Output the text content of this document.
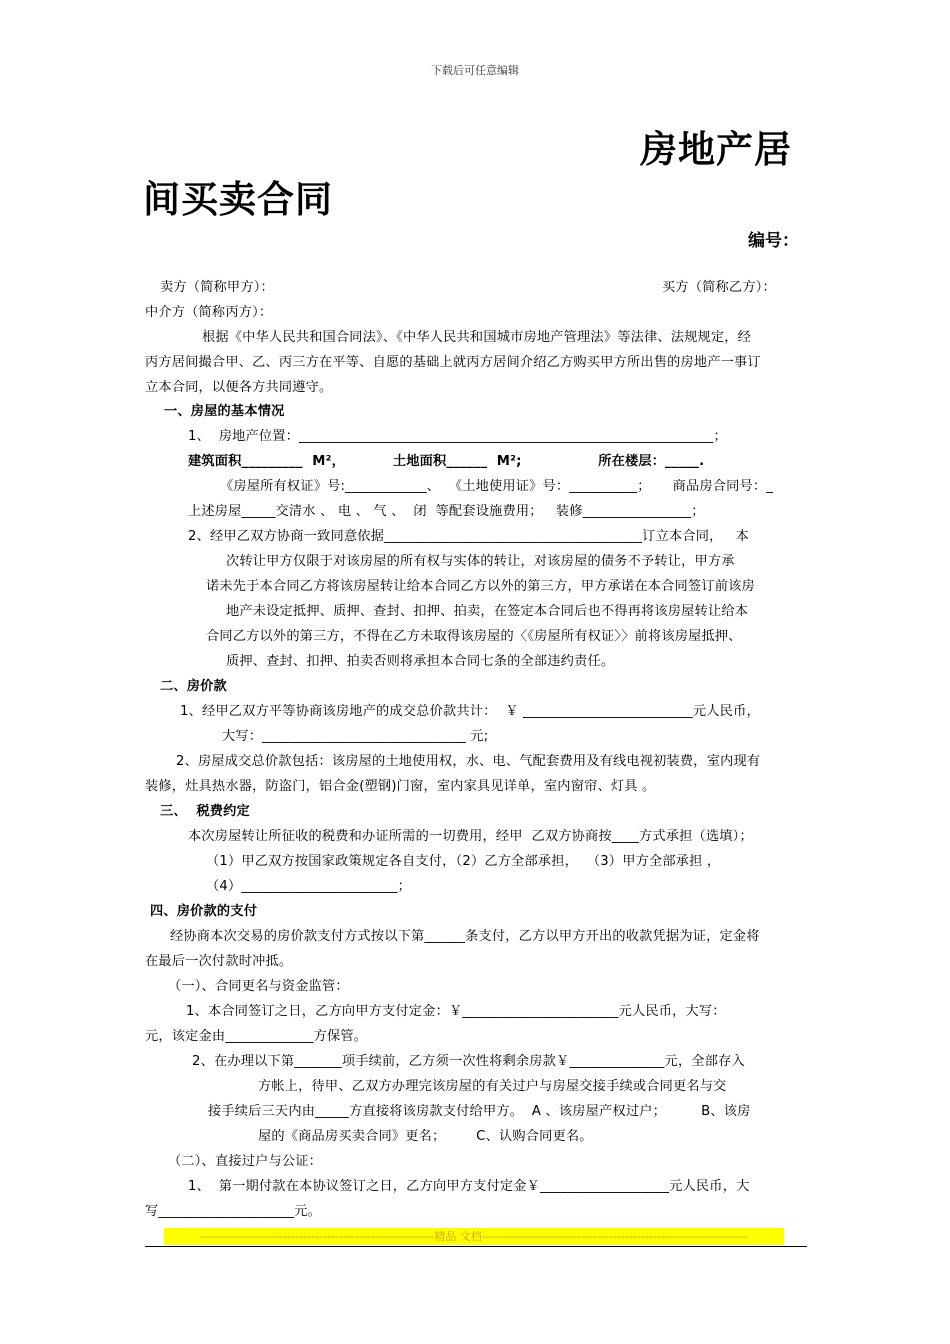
下载后可任意编辑
房地产居
间买卖合同
编号：
卖方（简称甲方）：	买方（简称乙方）：
中介方（简称丙方）：
根据《中华人民共和国合同法》、《中华人民共和国城市房地产管理法》等法律、法规规定，经
丙方居间撮合甲、乙、丙三方在平等、自愿的基础上就丙方居间介绍乙方购买甲方所出售的房地产一事订
立本合同，以便各方共同遵守。
一、房屋的基本情况
1、  房地产位置：_____________________________________________________________；
建筑面积_________  M²，          土地面积______  M²;                所在楼层：_____.
《房屋所有权证》号:____________、  《土地使用证》号：__________；     商品房合同号：_
上述房屋_____交清水 、 电 、 气 、  闭  等配套设施费用；   装修________________；
2、经甲乙双方协商一致同意依据______________________________________订立本合同，   本
次转让甲方仅限于对该房屋的所有权与实体的转让，对该房屋的债务不予转让，甲方承
诺未先于本合同乙方将该房屋转让给本合同乙方以外的第三方，甲方承诺在本合同签订前该房
地产未设定抵押、质押、查封、扣押、拍卖，在签定本合同后也不得再将该房屋转让给本
合同乙方以外的第三方，不得在乙方未取得该房屋的〈《房屋所有权证〉〉前将该房屋抵押、
质押、查封、扣押、拍卖否则将承担本合同七条的全部违约责任。
二、房价款
1、经甲乙双方平等协商该房地产的成交总价款共计：  ￥ _________________________元人民币，
大写：______________________________ 元;
2、房屋成交总价款包括：该房屋的土地使用权，水、电、气配套费用及有线电视初装费，室内现有
装修，灶具热水器，防盗门，铝合金(塑钢)门窗，室内家具见详单，室内窗帘、灯具 。
三、  税费约定
本次房屋转让所征收的税费和办证所需的一切费用，经甲  乙双方协商按____方式承担（选填）；
（1）甲乙双方按国家政策规定各自支付，（2）乙方全部承担，  （3）甲方全部承担 ，
（4）_______________________；
四、房价款的支付
经协商本次交易的房价款支付方式按以下第______条支付，乙方以甲方开出的收款凭据为证，定金将
在最后一次付款时冲抵。
（一）、合同更名与资金监管：
1、本合同签订之日，乙方向甲方支付定金：￥_______________________元人民币，大写：
元，该定金由_____________方保管。
2、在办理以下第_______项手续前，乙方须一次性将剩余房款￥______________元，全部存入
方帐上，待甲、乙双方办理完该房屋的有关过户与房屋交接手续或合同更名与交
接手续后三天内由_____方直接将该房款支付给甲方。  A 、该房屋产权过户；        B、该房
屋的《商品房买卖合同》更名；       C、认购合同更名。
（二）、直接过户与公证：
1、  第一期付款在本协议签订之日，乙方向甲方支付定金￥___________________元人民币，大
写____________________元。
-----------------------------------------------------------精品 文档-------------------------------------------------------------------
